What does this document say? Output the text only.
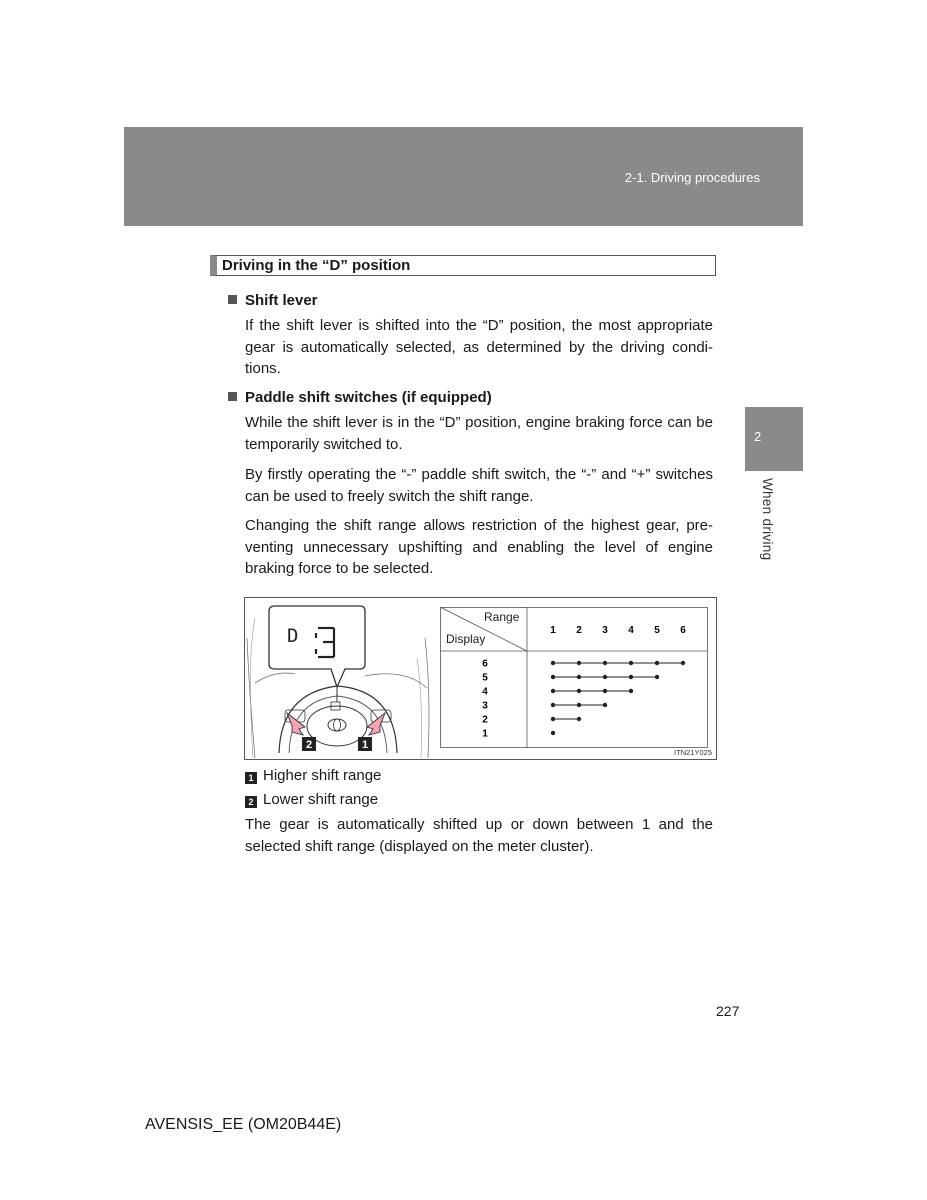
2-1. Driving procedures
2
When driving
Driving in the “D” position
Shift lever
If the shift lever is shifted into the “D” position, the most appropriate gear is automatically selected, as determined by the driving condi-tions.
Paddle shift switches (if equipped)
While the shift lever is in the “D” position, engine braking force can be temporarily switched to.
By firstly operating the “-” paddle shift switch, the “-” and “+” switches can be used to freely switch the shift range.
Changing the shift range allows restriction of the highest gear, pre-venting unnecessary upshifting and enabling the level of engine braking force to be selected.
D
2	1
Range
Display
1 2 3 4 5 6
6
5
4
3
2
1
ITN21Y025
1 Higher shift range
2 Lower shift range
The gear is automatically shifted up or down between 1 and the selected shift range (displayed on the meter cluster).
227
AVENSIS_EE (OM20B44E)
